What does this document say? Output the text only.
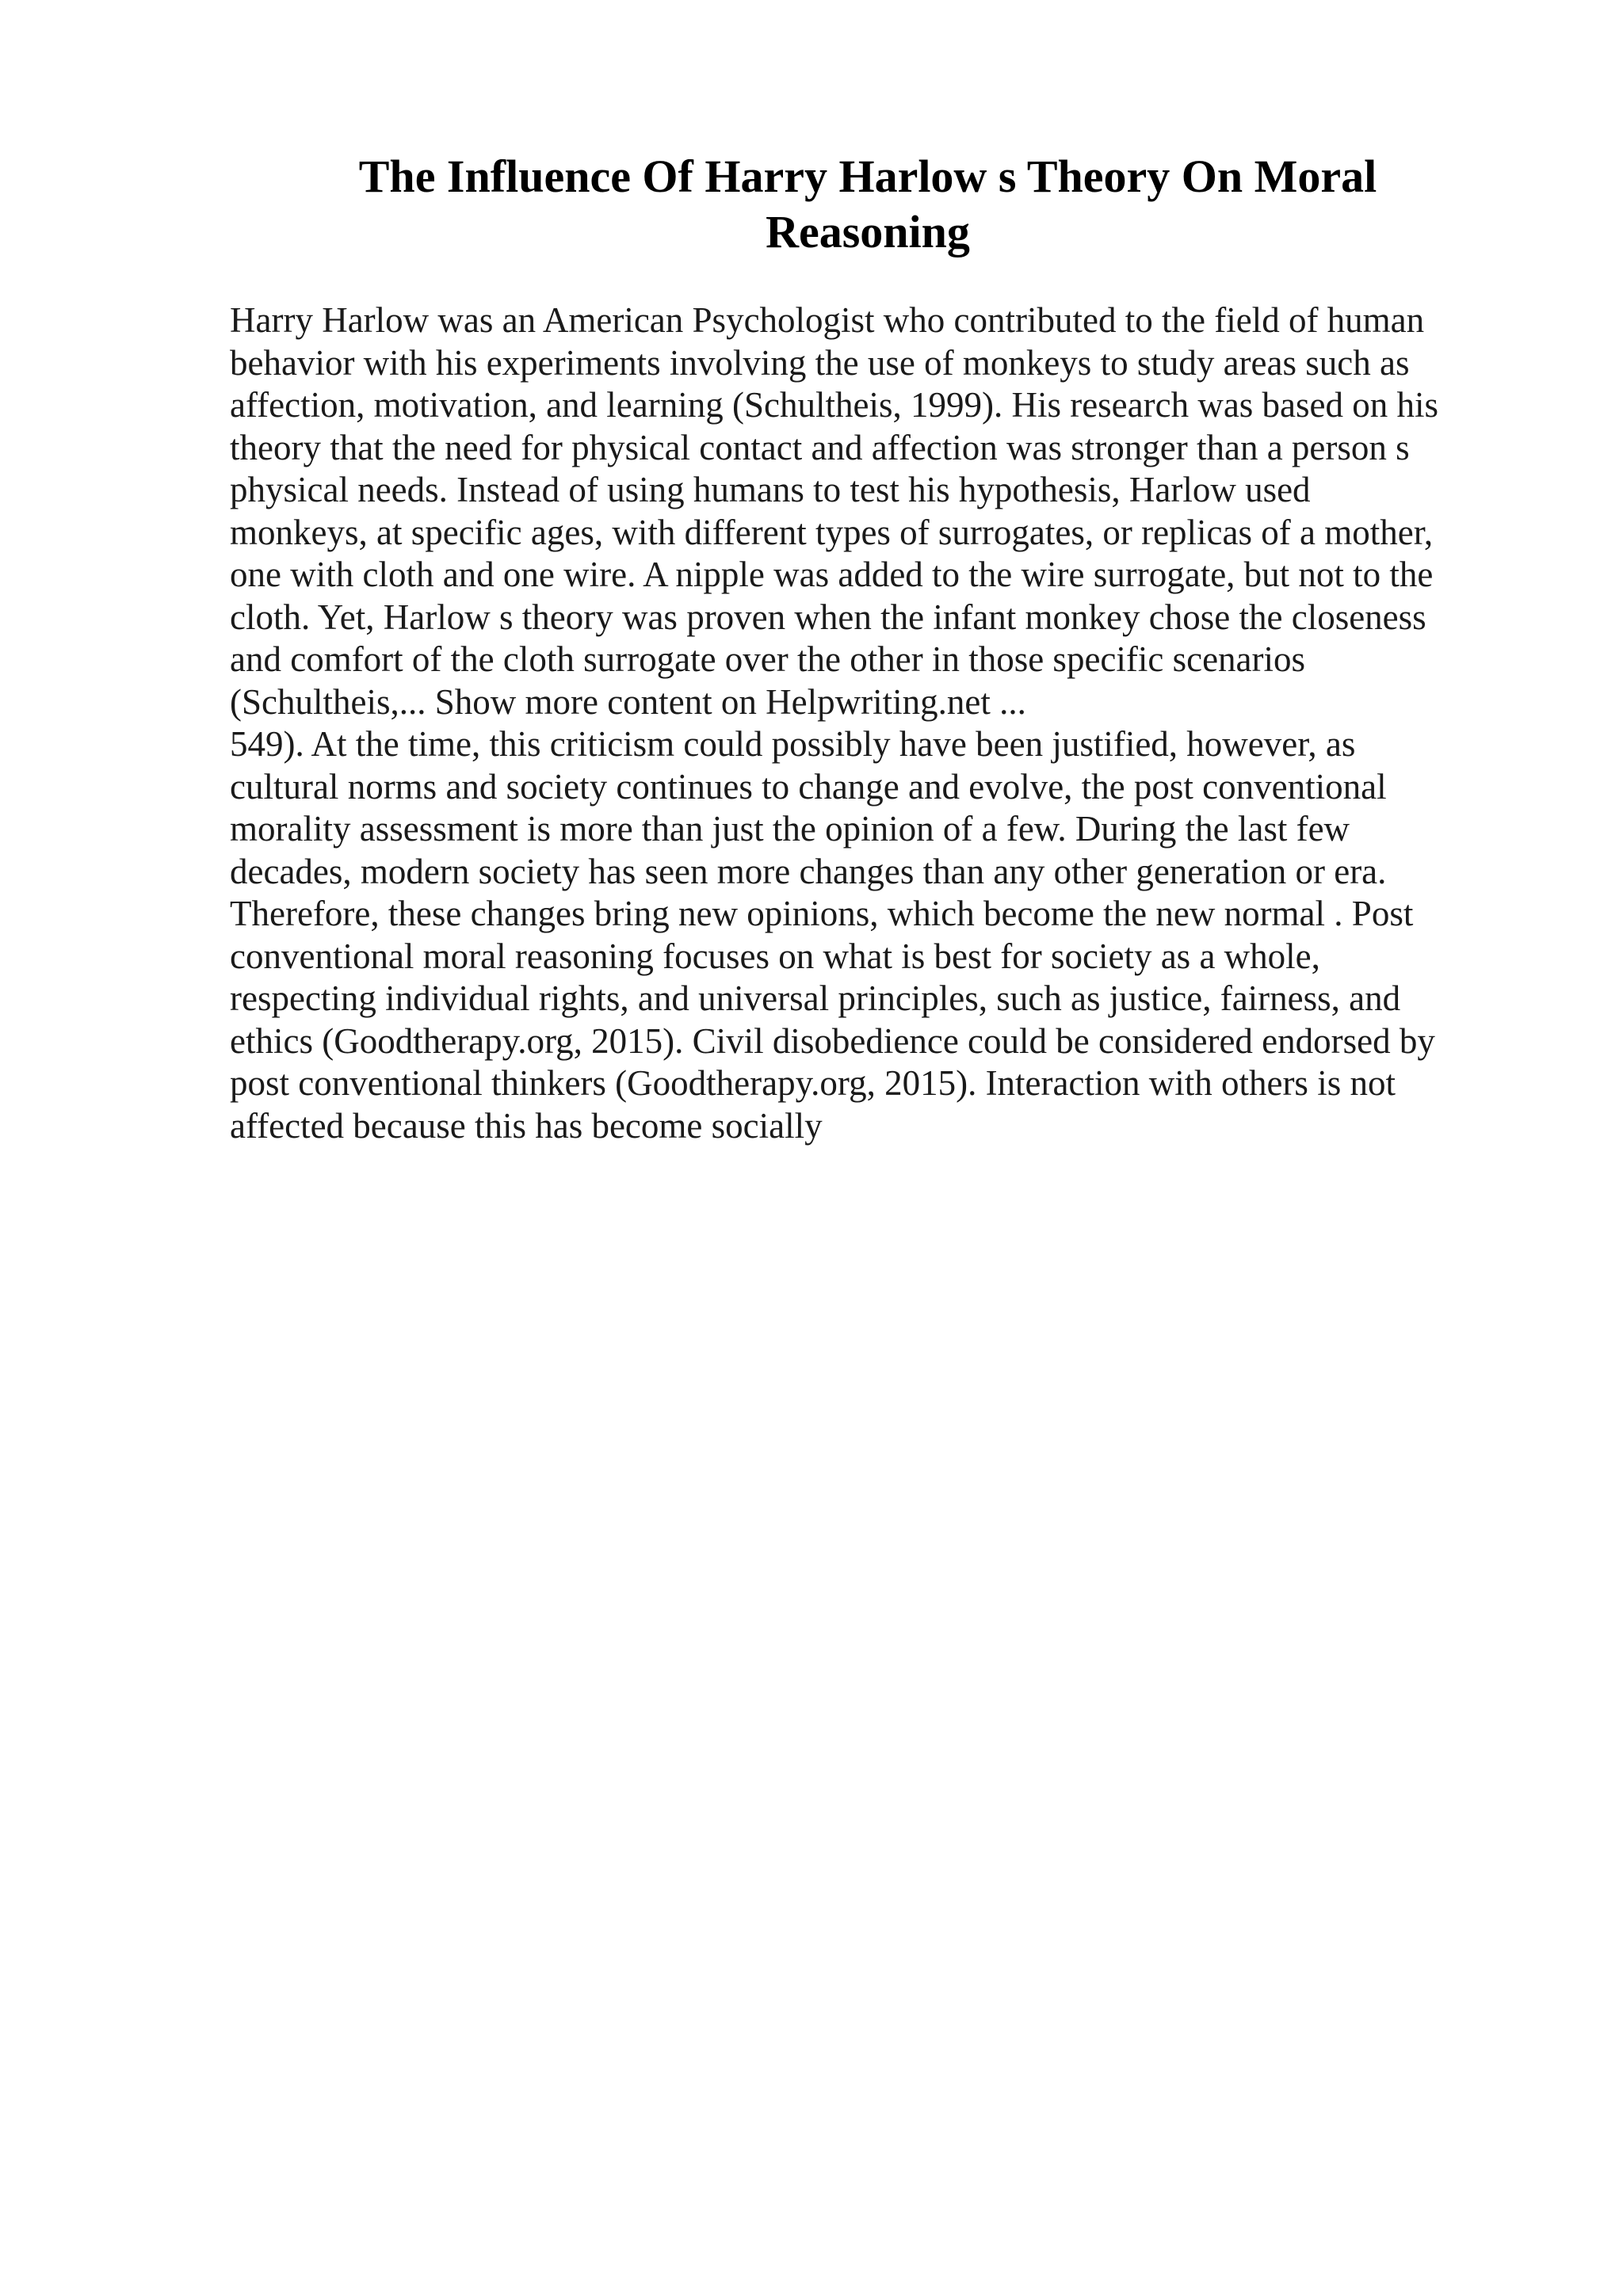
The Influence Of Harry Harlow s Theory On Moral
Reasoning
Harry Harlow was an American Psychologist who contributed to the field of human
behavior with his experiments involving the use of monkeys to study areas such as
affection, motivation, and learning (Schultheis, 1999). His research was based on his
theory that the need for physical contact and affection was stronger than a person s
physical needs. Instead of using humans to test his hypothesis, Harlow used
monkeys, at specific ages, with different types of surrogates, or replicas of a mother,
one with cloth and one wire. A nipple was added to the wire surrogate, but not to the
cloth. Yet, Harlow s theory was proven when the infant monkey chose the closeness
and comfort of the cloth surrogate over the other in those specific scenarios
(Schultheis,... Show more content on Helpwriting.net ...
549). At the time, this criticism could possibly have been justified, however, as
cultural norms and society continues to change and evolve, the post conventional
morality assessment is more than just the opinion of a few. During the last few
decades, modern society has seen more changes than any other generation or era.
Therefore, these changes bring new opinions, which become the new normal . Post
conventional moral reasoning focuses on what is best for society as a whole,
respecting individual rights, and universal principles, such as justice, fairness, and
ethics (Goodtherapy.org, 2015). Civil disobedience could be considered endorsed by
post conventional thinkers (Goodtherapy.org, 2015). Interaction with others is not
affected because this has become socially
